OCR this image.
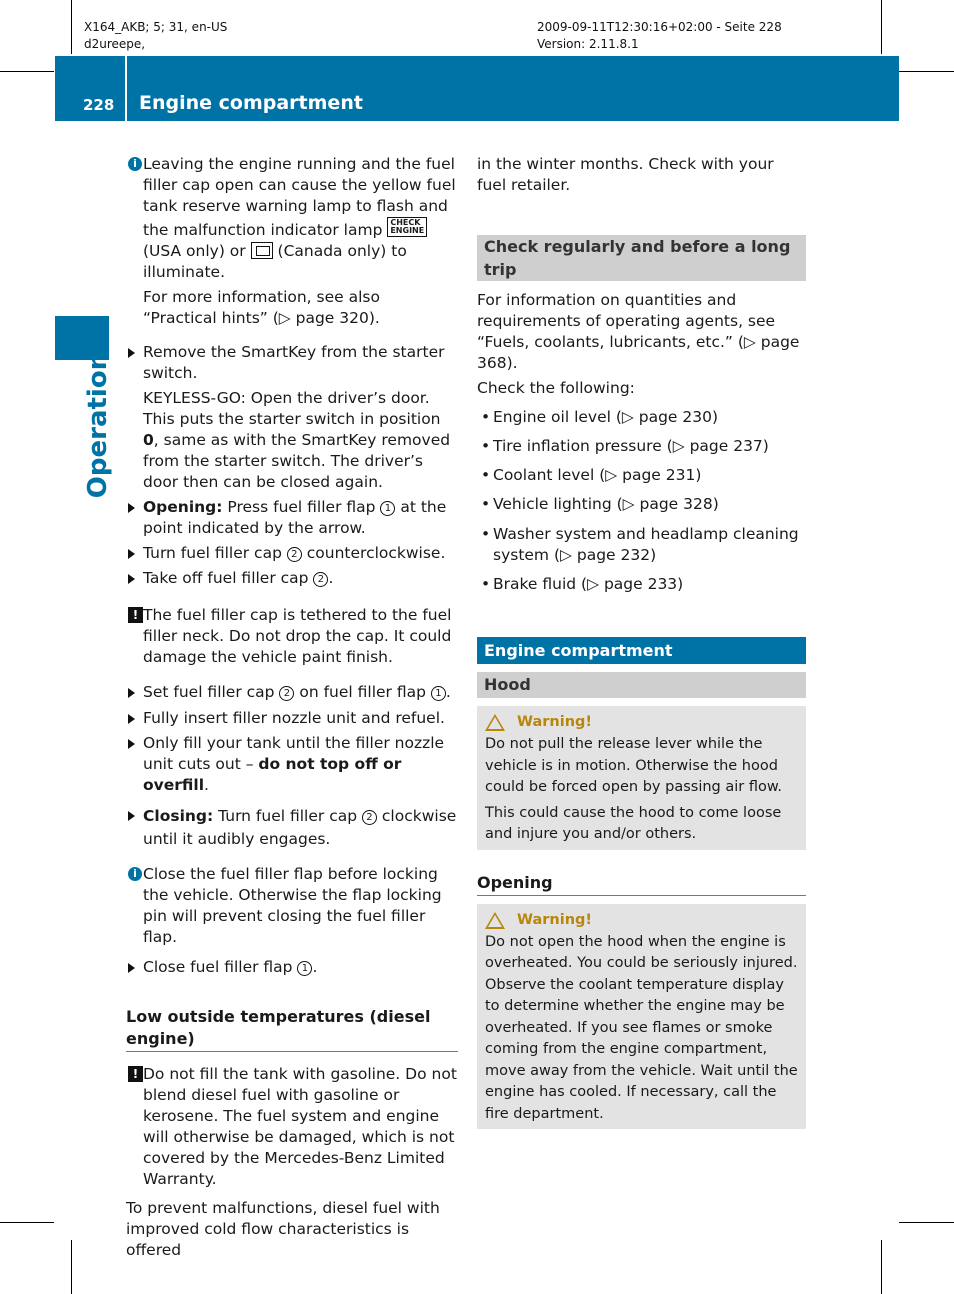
X164_AKB; 5; 31, en-US
d2ureepe,
2009-09-11T12:30:16+02:00 - Seite 228
Version: 2.11.8.1
228 Engine compartment
Operation
i Leaving the engine running and the fuel filler cap open can cause the yellow fuel tank reserve warning lamp to flash and the malfunction indicator lamp CHECK
ENGINE (USA only) or  (Canada only) to illuminate.
For more information, see also “Practical hints” (▷ page 320).
Remove the SmartKey from the starter switch.
KEYLESS-GO: Open the driver’s door. This puts the starter switch in position 0, same as with the SmartKey removed from the starter switch. The driver’s door then can be closed again.
Opening: Press fuel filler flap 1 at the point indicated by the arrow.
Turn fuel filler cap 2 counterclockwise.
Take off fuel filler cap 2 .
! The fuel filler cap is tethered to the fuel filler neck. Do not drop the cap. It could damage the vehicle paint finish.
Set fuel filler cap 2 on fuel filler flap 1 .
Fully insert filler nozzle unit and refuel.
Only fill your tank until the filler nozzle unit cuts out – do not top off or overfill.
Closing: Turn fuel filler cap 2 clockwise until it audibly engages.
i Close the fuel filler flap before locking the vehicle. Otherwise the flap locking pin will prevent closing the fuel filler flap.
Close fuel filler flap 1 .
Low outside temperatures (diesel engine)
! Do not fill the tank with gasoline. Do not blend diesel fuel with gasoline or kerosene. The fuel system and engine will otherwise be damaged, which is not covered by the Mercedes-Benz Limited Warranty.
To prevent malfunctions, diesel fuel with improved cold flow characteristics is offered
in the winter months. Check with your fuel retailer.
Check regularly and before a long trip
For information on quantities and requirements of operating agents, see “Fuels, coolants, lubricants, etc.” (▷ page 368).
Check the following:
• Engine oil level (▷ page 230)
• Tire inflation pressure (▷ page 237)
• Coolant level (▷ page 231)
• Vehicle lighting (▷ page 328)
• Washer system and headlamp cleaning system (▷ page 232)
• Brake fluid (▷ page 233)
Engine compartment
Hood
Warning!
Do not pull the release lever while the vehicle is in motion. Otherwise the hood could be forced open by passing air flow.
This could cause the hood to come loose and injure you and/or others.
Opening
Warning!
Do not open the hood when the engine is overheated. You could be seriously injured. Observe the coolant temperature display to determine whether the engine may be overheated. If you see flames or smoke coming from the engine compartment, move away from the vehicle. Wait until the engine has cooled. If necessary, call the fire department.
